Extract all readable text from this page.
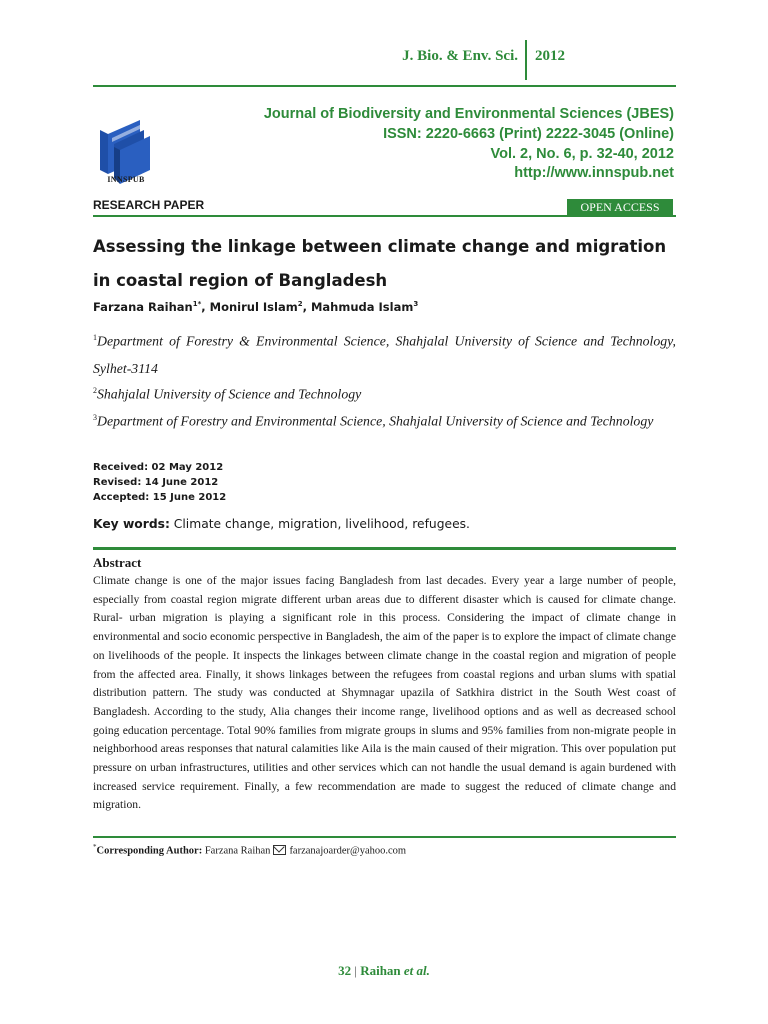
J. Bio. & Env. Sci. 2012
INNSPUB
Journal of Biodiversity and Environmental Sciences (JBES)
ISSN: 2220-6663 (Print) 2222-3045 (Online)
Vol. 2, No. 6, p. 32-40, 2012
http://www.innspub.net
RESEARCH PAPER	OPEN ACCESS
Assessing the linkage between climate change and migration in coastal region of Bangladesh
Farzana Raihan$^{1*}$, Monirul Islam$^2$, Mahmuda Islam$^3$
$^1$Department of Forestry & Environmental Science, Shahjalal University of Science and Technology, Sylhet-3114
$^2$Shahjalal University of Science and Technology
$^3$Department of Forestry and Environmental Science, Shahjalal University of Science and Technology
Received: 02 May 2012
Revised: 14 June 2012
Accepted: 15 June 2012
Key words: Climate change, migration, livelihood, refugees.
Abstract
Climate change is one of the major issues facing Bangladesh from last decades. Every year a large number of people, especially from coastal region migrate different urban areas due to different disaster which is caused for climate change. Rural- urban migration is playing a significant role in this process. Considering the impact of climate change in environmental and socio economic perspective in Bangladesh, the aim of the paper is to explore the impact of climate change on livelihoods of the people. It inspects the linkages between climate change in the coastal region and migration of people from the affected area. Finally, it shows linkages between the refugees from coastal regions and urban slums with spatial distribution pattern. The study was conducted at Shymnagar upazila of Satkhira district in the South West coast of Bangladesh. According to the study, Alia changes their income range, livelihood options and as well as decreased school going education percentage. Total 90% families from migrate groups in slums and 95% families from non-migrate people in neighborhood areas responses that natural calamities like Aila is the main caused of their migration. This over population put pressure on urban infrastructures, utilities and other services which can not handle the usual demand is again burdened with increased service requirement. Finally, a few recommendation are made to suggest the reduced of climate change and migration.
*Corresponding Author: Farzana Raihan farzanajoarder@yahoo.com
32 | Raihan et al.
